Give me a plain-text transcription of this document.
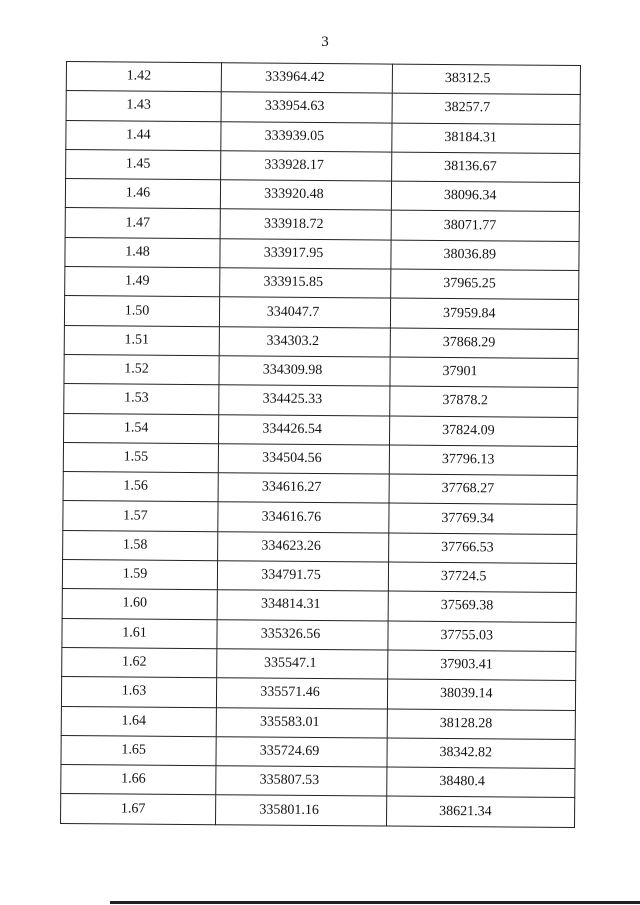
3
1.42	333964.42	38312.5
1.43	333954.63	38257.7
1.44	333939.05	38184.31
1.45	333928.17	38136.67
1.46	333920.48	38096.34
1.47	333918.72	38071.77
1.48	333917.95	38036.89
1.49	333915.85	37965.25
1.50	334047.7	37959.84
1.51	334303.2	37868.29
1.52	334309.98	37901
1.53	334425.33	37878.2
1.54	334426.54	37824.09
1.55	334504.56	37796.13
1.56	334616.27	37768.27
1.57	334616.76	37769.34
1.58	334623.26	37766.53
1.59	334791.75	37724.5
1.60	334814.31	37569.38
1.61	335326.56	37755.03
1.62	335547.1	37903.41
1.63	335571.46	38039.14
1.64	335583.01	38128.28
1.65	335724.69	38342.82
1.66	335807.53	38480.4
1.67	335801.16	38621.34
